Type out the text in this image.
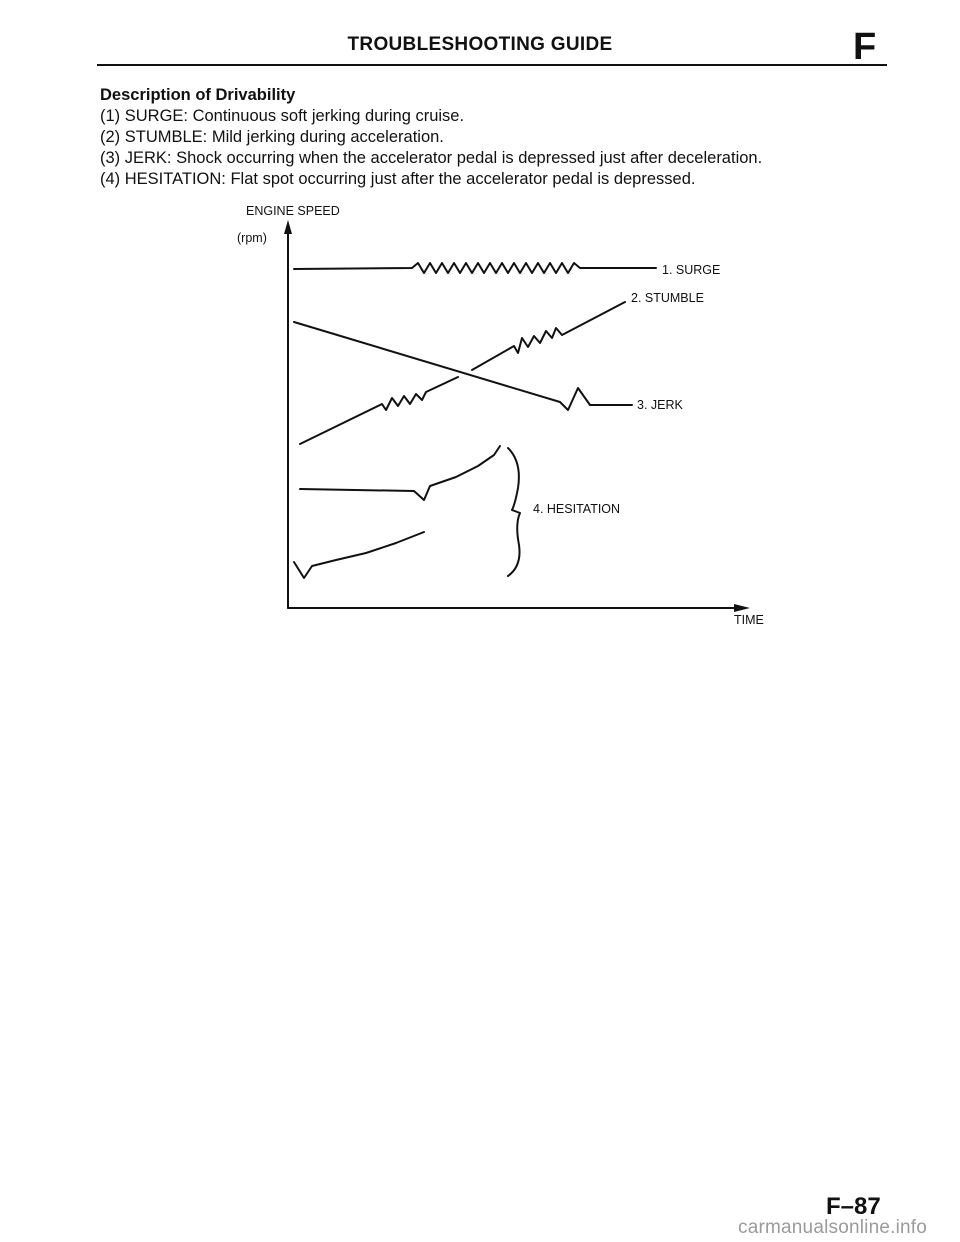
TROUBLESHOOTING GUIDE	F
Description of Drivability
(1) SURGE: Continuous soft jerking during cruise.
(2) STUMBLE: Mild jerking during acceleration.
(3) JERK: Shock occurring when the accelerator pedal is depressed just after deceleration.
(4) HESITATION: Flat spot occurring just after the accelerator pedal is depressed.
ENGINE SPEED
(rpm)
TIME
1. SURGE
3. JERK
2. STUMBLE
4. HESITATION
F–87
carmanualsonline.info
